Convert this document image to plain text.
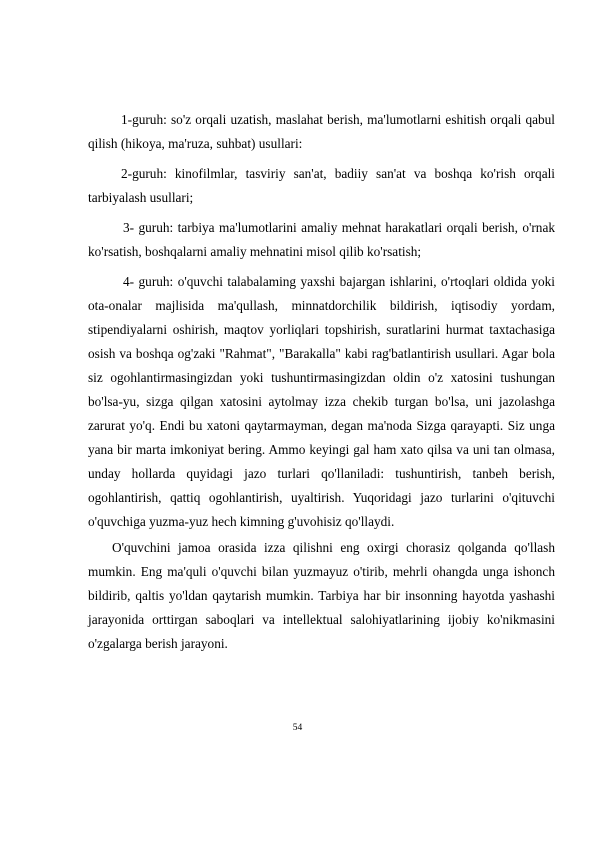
1-guruh: so'z orqali uzatish, maslahat berish, ma'lumotlarni eshitish orqali qabul qilish (hikoya, ma'ruza, suhbat) usullari:

2-guruh: kinofilmlar, tasviriy san'at, badiiy san'at va boshqa ko'rish orqali tarbiyalash usullari;

3- guruh: tarbiya ma'lumotlarini amaliy mehnat harakatlari orqali berish, o'rnak ko'rsatish, boshqalarni amaliy mehnatini misol qilib ko'rsatish;

4- guruh: o'quvchi talabalaming yaxshi bajargan ishlarini, o'rtoqlari oldida yoki ota-onalar majlisida ma'qullash, minnatdorchilik bildirish, iqtisodiy yordam, stipendiyalarni oshirish, maqtov yorliqlari topshirish, suratlarini hurmat taxtachasiga osish va boshqa og'zaki "Rahmat", "Barakalla" kabi rag'batlantirish usullari. Agar bola siz ogohlantirmasingizdan yoki tushuntirmasingizdan oldin o'z xatosini tushungan bo'lsa-yu, sizga qilgan xatosini aytolmay izza chekib turgan bo'lsa, uni jazolashga zarurat yo'q. Endi bu xatoni qaytarmayman, degan ma'noda Sizga qarayapti. Siz unga yana bir marta imkoniyat bering. Ammo keyingi gal ham xato qilsa va uni tan olmasa, unday hollarda quyidagi jazo turlari qo'llaniladi: tushuntirish, tanbeh berish, ogohlantirish, qattiq ogohlantirish, uyaltirish. Yuqoridagi jazo turlarini o'qituvchi o'quvchiga yuzma-yuz hech kimning g'uvohisiz qo'llaydi.

O'quvchini jamoa orasida izza qilishni eng oxirgi chorasiz qolganda qo'llash mumkin. Eng ma'quli o'quvchi bilan yuzmayuz o'tirib, mehrli ohangda unga ishonch bildirib, qaltis yo'ldan qaytarish mumkin. Tarbiya har bir insonning hayotda yashashi jarayonida orttirgan saboqlari va intellektual salohiyatlarining ijobiy ko'nikmasini o'zgalarga berish jarayoni.

54
